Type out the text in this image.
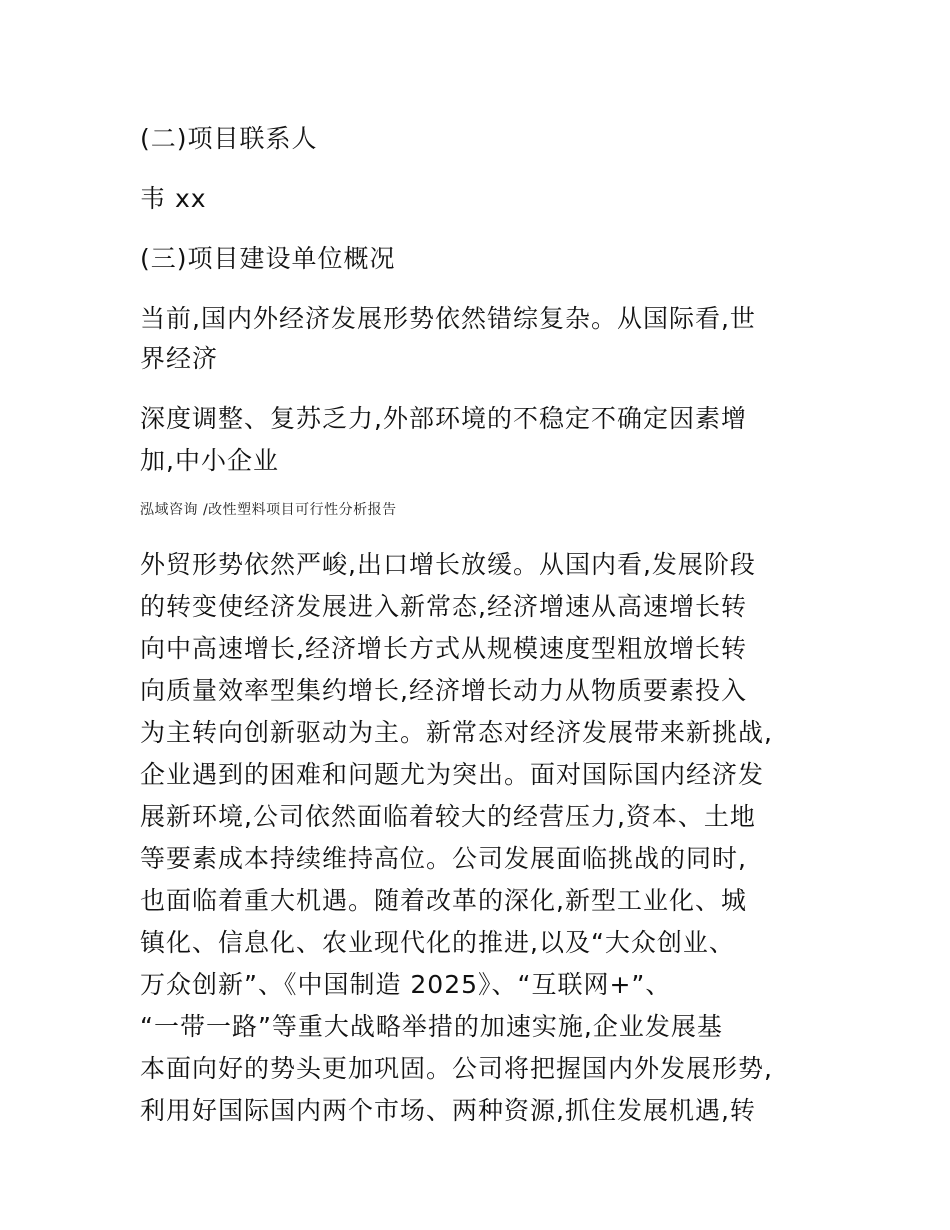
(二)项目联系人
韦 xx
(三)项目建设单位概况
当前,国内外经济发展形势依然错综复杂。从国际看,世
界经济
深度调整、复苏乏力,外部环境的不稳定不确定因素增
加,中小企业
泓域咨询 /改性塑料项目可行性分析报告
外贸形势依然严峻,出口增长放缓。从国内看,发展阶段
的转变使经济发展进入新常态,经济增速从高速增长转
向中高速增长,经济增长方式从规模速度型粗放增长转
向质量效率型集约增长,经济增长动力从物质要素投入
为主转向创新驱动为主。新常态对经济发展带来新挑战,
企业遇到的困难和问题尤为突出。面对国际国内经济发
展新环境,公司依然面临着较大的经营压力,资本、土地
等要素成本持续维持高位。公司发展面临挑战的同时,
也面临着重大机遇。随着改革的深化,新型工业化、城
镇化、信息化、农业现代化的推进,以及“大众创业、
万众创新”、《中国制造 2025》、“互联网+”、
“一带一路”等重大战略举措的加速实施,企业发展基
本面向好的势头更加巩固。公司将把握国内外发展形势,
利用好国际国内两个市场、两种资源,抓住发展机遇,转
